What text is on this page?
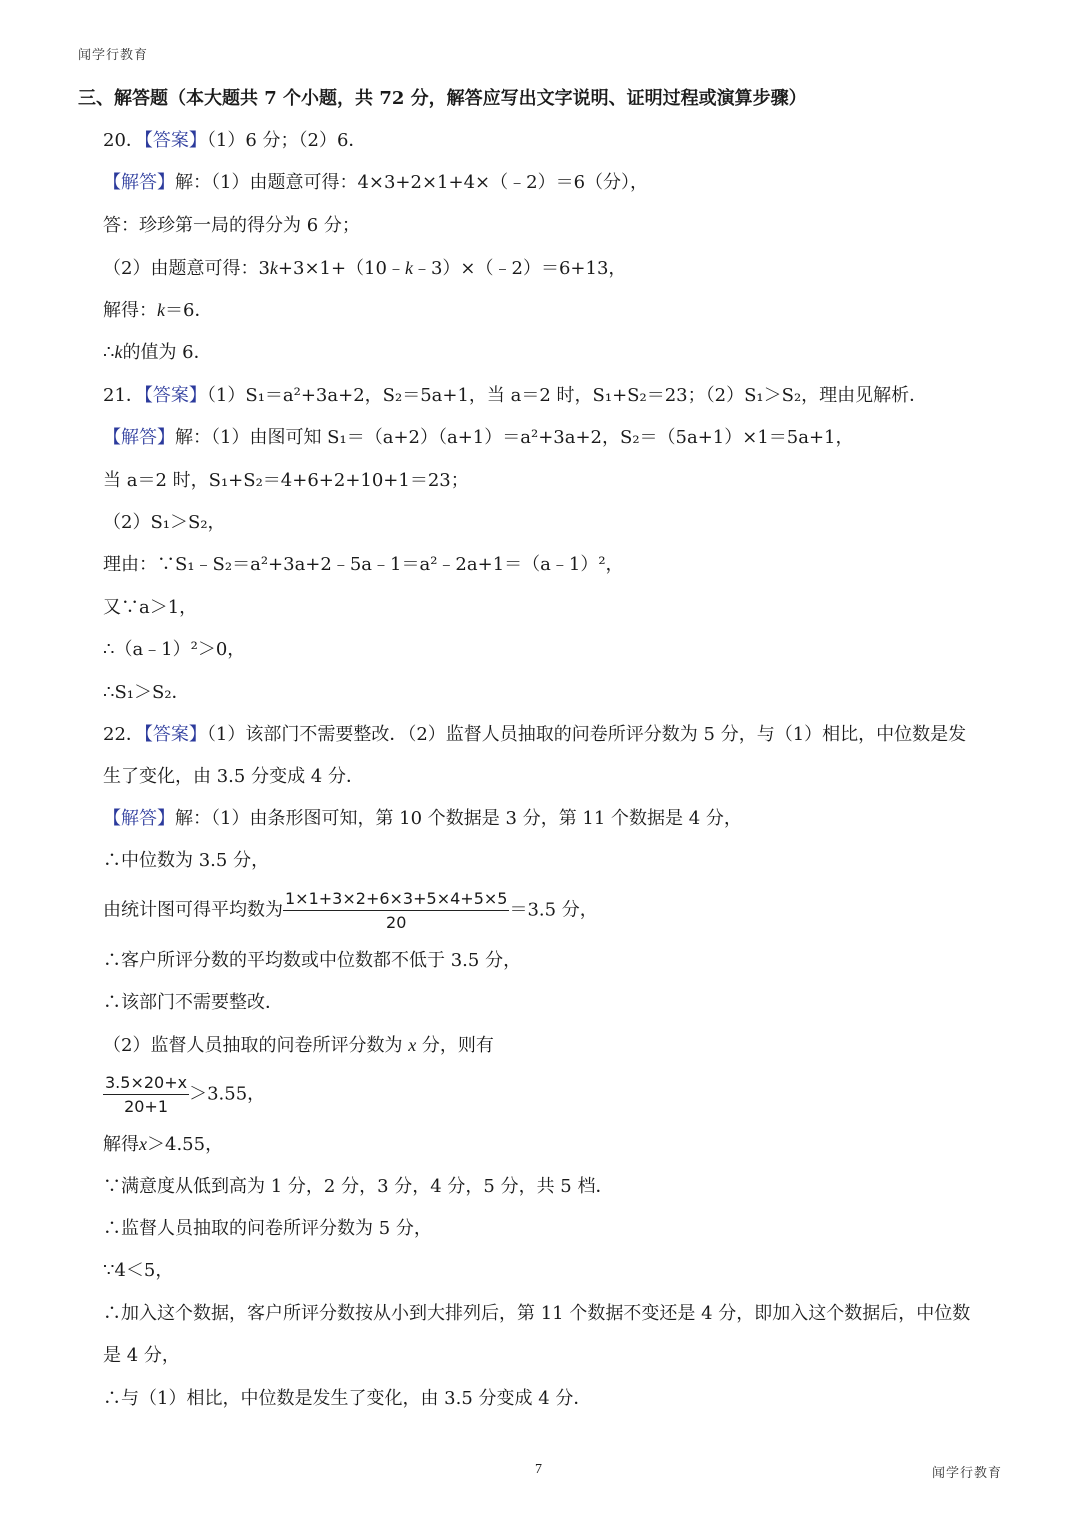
闻学行教育
三、解答题（本大题共 7 个小题，共 72 分，解答应写出文字说明、证明过程或演算步骤）
20．【答案】（1）6 分；（2）6．
【解答】解：（1）由题意可得：4×3+2×1+4×（﹣2）＝6（分），
答：珍珍第一局的得分为 6 分；
（2）由题意可得：3k+3×1+（10﹣k﹣3）×（﹣2）＝6+13，
解得：k＝6．
∴k的值为 6．
21．【答案】（1）S₁＝a²+3a+2，S₂＝5a+1，当 a＝2 时，S₁+S₂＝23；（2）S₁＞S₂，理由见解析．
【解答】解：（1）由图可知 S₁＝（a+2）（a+1）＝a²+3a+2，S₂＝（5a+1）×1＝5a+1，
当 a＝2 时，S₁+S₂＝4+6+2+10+1＝23；
（2）S₁＞S₂，
理由：∵S₁﹣S₂＝a²+3a+2﹣5a﹣1＝a²﹣2a+1＝（a﹣1）²，
又∵a＞1，
∴（a﹣1）²＞0，
∴S₁＞S₂．
22．【答案】（1）该部门不需要整改．（2）监督人员抽取的问卷所评分数为 5 分，与（1）相比，中位数是发
生了变化，由 3.5 分变成 4 分．
【解答】解：（1）由条形图可知，第 10 个数据是 3 分，第 11 个数据是 4 分，
∴中位数为 3.5 分，
由统计图可得平均数为 $\frac{1\times 1+3\times 2+6\times 3+5\times 4+5\times 5}{20} =3.5$ 分，
∴客户所评分数的平均数或中位数都不低于 3.5 分，
∴该部门不需要整改．
（2）监督人员抽取的问卷所评分数为 x 分，则有
$\frac{3.5\times 20+x}{20+1} >3.55$，
解得x＞4.55，
∵满意度从低到高为 1 分，2 分，3 分，4 分，5 分，共 5 档．
∴监督人员抽取的问卷所评分数为 5 分，
∵4＜5，
∴加入这个数据，客户所评分数按从小到大排列后，第 11 个数据不变还是 4 分，即加入这个数据后，中位数
是 4 分，
∴与（1）相比，中位数是发生了变化，由 3.5 分变成 4 分．
7	闻学行教育
